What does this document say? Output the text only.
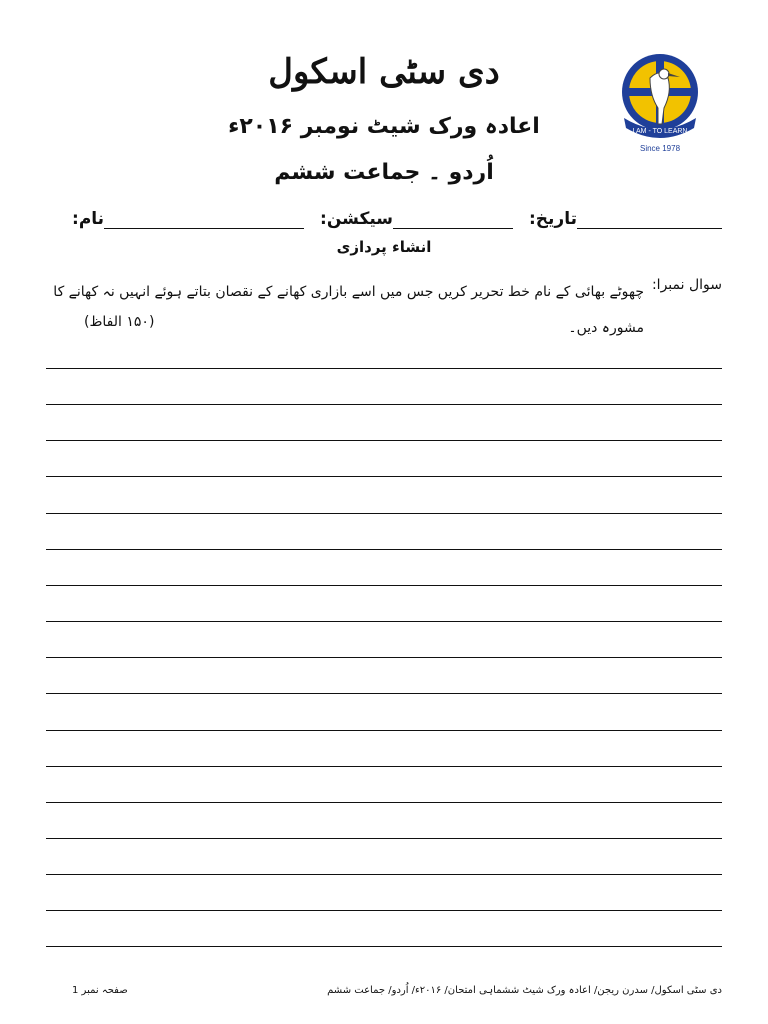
دی سٹی اسکول
اعادہ ورک شیٹ نومبر ۲۰۱۶ء
اُردو ۔ جماعت ششم
I AM - TO LEARN
Since 1978
نام:	سیکشن:	تاریخ:
انشاء پردازی
سوال نمبرا:
چھوٹے بھائی کے نام خط تحریر کریں جس میں اسے بازاری کھانے کے نقصان بتاتے ہوئے انہیں نہ کھانے کا مشورہ دیں۔
(۱۵۰ الفاظ)
دی سٹی اسکول/ سدرن ریجن/ اعادہ ورک شیٹ ششماہی امتحان/ ۲۰۱۶ء/ اُردو/ جماعت ششم
صفحہ نمبر 1
